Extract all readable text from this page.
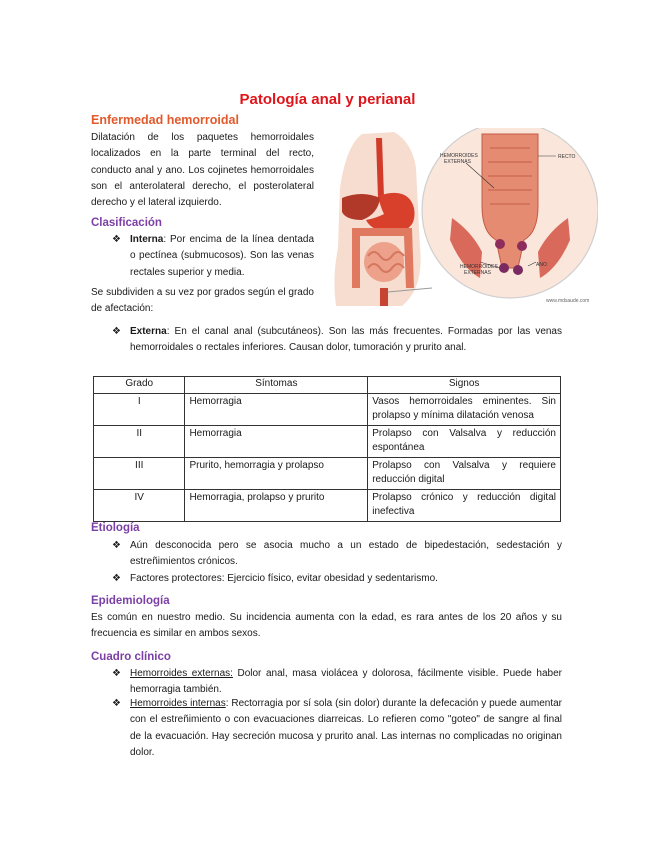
Patología anal y perianal
Enfermedad hemorroidal
Dilatación de los paquetes hemorroidales localizados en la parte terminal del recto, conducto anal y ano. Los cojinetes hemorroidales son el anterolateral derecho, el posterolateral derecho y el lateral izquierdo.
HEMORROIDES
EXTERNAS
RECTO
HEMORROIDES
EXTERNAS
ANO
www.mdsaude.com
Clasificación
❖ Interna: Por encima de la línea dentada o pectínea (submucosos). Son las venas rectales superior y media.
Se subdividen a su vez por grados según el grado de afectación:
❖ Externa: En el canal anal (subcutáneos). Son las más frecuentes. Formadas por las venas hemorroidales o rectales inferiores. Causan dolor, tumoración y prurito anal.
Grado	Síntomas	Signos
I	Hemorragia	Vasos hemorroidales eminentes. Sin prolapso y mínima dilatación venosa
II	Hemorragia	Prolapso con Valsalva y reducción espontánea
III	Prurito, hemorragia y prolapso	Prolapso con Valsalva y requiere reducción digital
IV	Hemorragia, prolapso y prurito	Prolapso crónico y reducción digital inefectiva
Etiología
❖ Aún desconocida pero se asocia mucho a un estado de bipedestación, sedestación y estreñimientos crónicos.
❖ Factores protectores: Ejercicio físico, evitar obesidad y sedentarismo.
Epidemiología
Es común en nuestro medio. Su incidencia aumenta con la edad, es rara antes de los 20 años y su frecuencia es similar en ambos sexos.
Cuadro clínico
❖ Hemorroides externas: Dolor anal, masa violácea y dolorosa, fácilmente visible. Puede haber hemorragia también.
❖ Hemorroides internas: Rectorragia por sí sola (sin dolor) durante la defecación y puede aumentar con el estreñimiento o con evacuaciones diarreicas. Lo refieren como "goteo" de sangre al final de la evacuación. Hay secreción mucosa y prurito anal. Las internas no complicadas no originan dolor.
